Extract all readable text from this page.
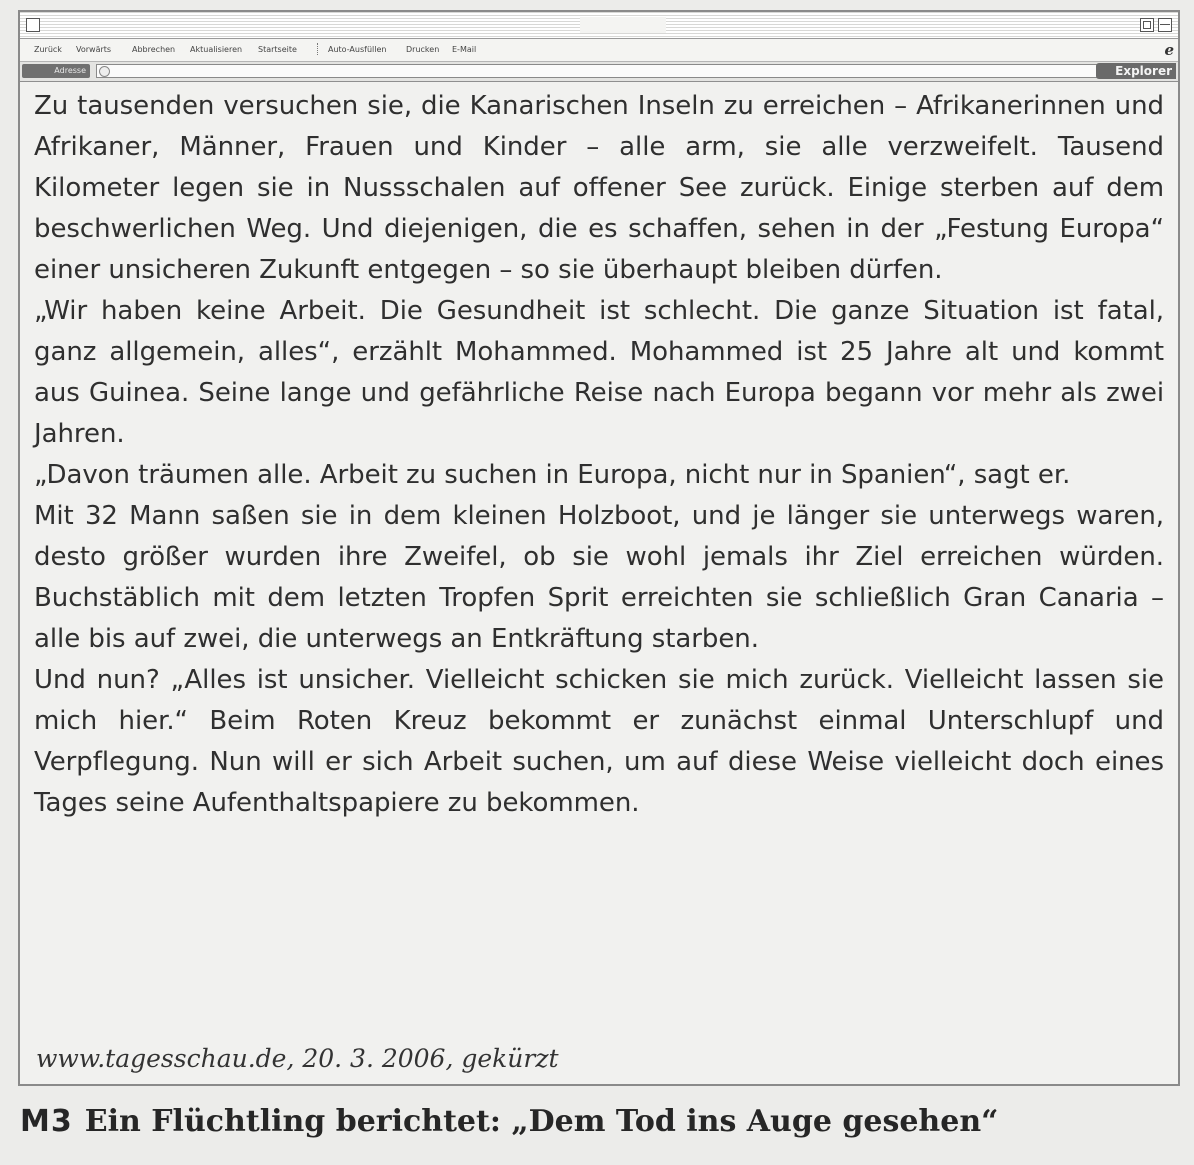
Zurück Vorwärts	Abbrechen Aktualisieren Startseite	Auto-Ausfüllen Drucken E-Mail	e
Adresse	Explorer

Zu tausenden versuchen sie, die Kanarischen Inseln zu erreichen – Afrikanerinnen und Afrikaner, Männer, Frauen und Kinder – alle arm, sie alle verzweifelt. Tausend Kilometer legen sie in Nussschalen auf offener See zurück. Einige sterben auf dem beschwerlichen Weg. Und diejenigen, die es schaffen, sehen in der „Festung Europa“ einer unsicheren Zukunft entgegen – so sie überhaupt bleiben dürfen.

„Wir haben keine Arbeit. Die Gesundheit ist schlecht. Die ganze Situation ist fatal, ganz allgemein, alles“, erzählt Mohammed. Mohammed ist 25 Jahre alt und kommt aus Guinea. Seine lange und gefährliche Reise nach Europa begann vor mehr als zwei Jahren.

„Davon träumen alle. Arbeit zu suchen in Europa, nicht nur in Spanien“, sagt er.

Mit 32 Mann saßen sie in dem kleinen Holzboot, und je länger sie unterwegs waren, desto größer wurden ihre Zweifel, ob sie wohl jemals ihr Ziel erreichen würden. Buchstäblich mit dem letzten Tropfen Sprit erreichten sie schließlich Gran Canaria – alle bis auf zwei, die unterwegs an Entkräftung starben.

Und nun? „Alles ist unsicher. Vielleicht schicken sie mich zurück. Vielleicht lassen sie mich hier.“ Beim Roten Kreuz bekommt er zunächst einmal Unterschlupf und Verpflegung. Nun will er sich Arbeit suchen, um auf diese Weise vielleicht doch eines Tages seine Aufenthaltspapiere zu bekommen.

www.tagesschau.de, 20. 3. 2006, gekürzt
M3 Ein Flüchtling berichtet: „Dem Tod ins Auge gesehen“
